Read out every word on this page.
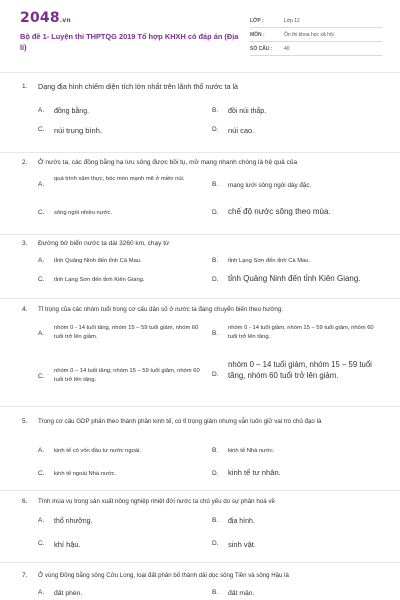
2048.vn
Bộ đề 1- Luyện thi THPTQG 2019 Tổ hợp KHXH có đáp án (Địa lí)
LỚP :	Lớp 12
MÔN :	Ôn thi khoa học xã hội
SỐ CÂU :	40
1. Dạng địa hình chiếm diện tích lớn nhất trên lãnh thổ nước ta là
A. đồng bằng.	B. đồi núi thấp.
C. núi trung bình.	D. núi cao.
2. Ở nước ta, các đồng bằng hạ lưu sông được bồi tụ, mở mang nhanh chóng là hệ quả của
A.
quá trình xâm thực, bóc mòn mạnh mẽ ở miền núi.
B. mạng lưới sông ngòi dày đặc.
C. sông ngòi nhiều nước.	D. chế độ nước sông theo mùa.
3. Đường bờ biển nước ta dài 3260 km, chạy từ
A. tỉnh Quảng Ninh đến tỉnh Cà Mau.	B. tỉnh Lạng Sơn đến tỉnh Cà Mau.
C. tỉnh Lạng Sơn đến tỉnh Kiên Giang.	D. tỉnh Quảng Ninh đến tỉnh Kiên Giang.
4. Tỉ trọng của các nhóm tuổi trong cơ cấu dân số ở nước ta đang chuyển biến theo hướng:
A.
nhóm 0 - 14 tuổi tăng, nhóm 15 – 59 tuổi giảm, nhóm 60 tuổi trở lên giảm.	B.
nhóm 0 - 14 tuổi giảm, nhóm 15 – 59 tuổi giảm, nhóm 60 tuổi trở lên tăng.
C.
nhóm 0 – 14 tuổi tăng, nhóm 15 – 59 tuổi giảm, nhóm 60 tuổi trở lên tăng.
D.
nhóm 0 – 14 tuổi giảm, nhóm 15 – 59 tuổi tăng, nhóm 60 tuổi trở lên giảm.
5. Trong cơ cấu GDP phân theo thành phần kinh tế, có tỉ trọng giảm nhưng vẫn luôn giữ vai trò chủ đạo là
A. kinh tế có vốn đầu tư nước ngoài.	B. kinh tế Nhà nước.
C. kinh tế ngoài Nhà nước.	D. kinh tế tư nhân.
6. Tính mùa vụ trong sản xuất nông nghiệp nhiệt đới nước ta chủ yếu do sự phân hoá về
A. thổ nhưỡng.	B. địa hình.
C. khí hậu.	D. sinh vật.
7. Ở vùng Đồng bằng sông Cửu Long, loại đất phân bố thành dải dọc sông Tiền và sông Hậu là
A. đất phèn.	B. đất mặn.
